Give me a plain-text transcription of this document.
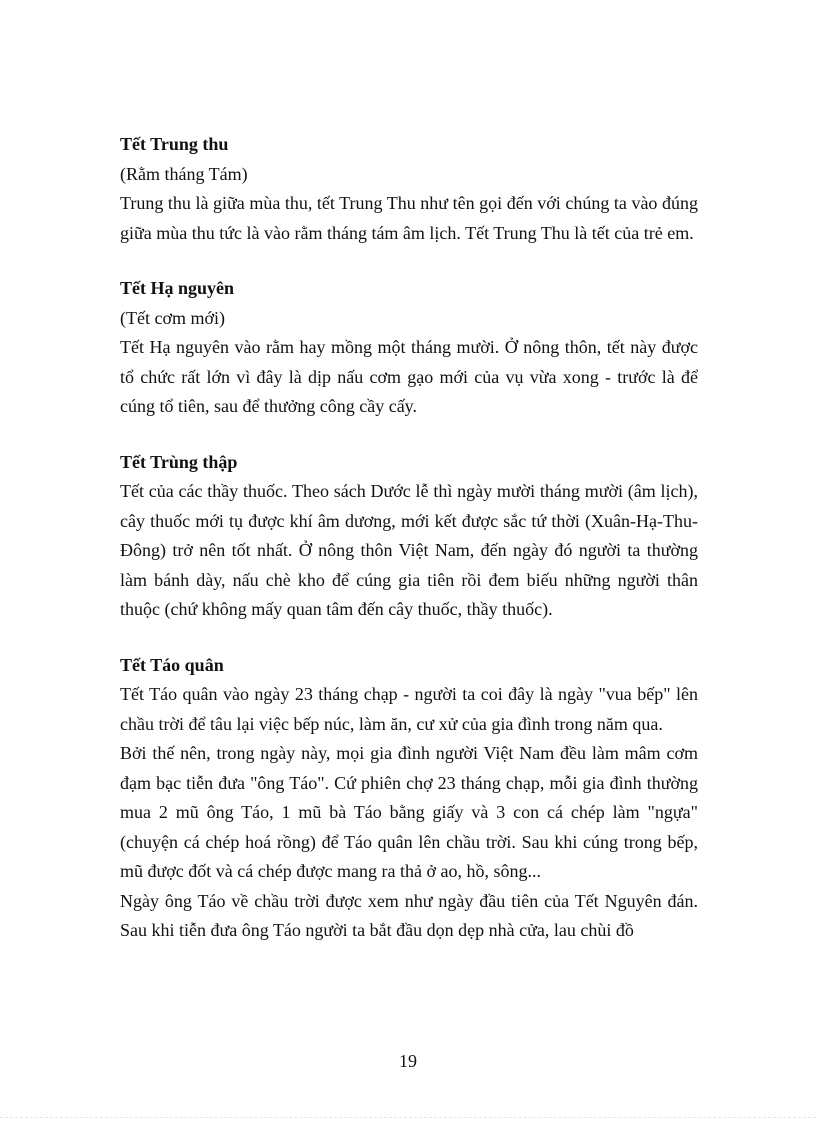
Tết Trung thu

(Rằm tháng Tám)

Trung thu là giữa mùa thu, tết Trung Thu như tên gọi đến với chúng ta vào đúng giữa mùa thu tức là vào rằm tháng tám âm lịch. Tết Trung Thu là tết của trẻ em.

Tết Hạ nguyên

(Tết cơm mới)

Tết Hạ nguyên vào rằm hay mồng một tháng mười. Ở nông thôn, tết này được tổ chức rất lớn vì đây là dịp nấu cơm gạo mới của vụ vừa xong - trước là để cúng tổ tiên, sau để thưởng công cầy cấy.

Tết Trùng thập

Tết của các thầy thuốc. Theo sách Dước lễ thì ngày mười tháng mười (âm lịch), cây thuốc mới tụ được khí âm dương, mới kết được sắc tứ thời (Xuân-Hạ-Thu-Đông) trở nên tốt nhất. Ở nông thôn Việt Nam, đến ngày đó người ta thường làm bánh dày, nấu chè kho để cúng gia tiên rồi đem biếu những người thân thuộc (chứ không mấy quan tâm đến cây thuốc, thầy thuốc).

Tết Táo quân

Tết Táo quân vào ngày 23 tháng chạp - người ta coi đây là ngày "vua bếp" lên chầu trời để tâu lại việc bếp núc, làm ăn, cư xử của gia đình trong năm qua.

Bởi thế nên, trong ngày này, mọi gia đình người Việt Nam đều làm mâm cơm đạm bạc tiễn đưa "ông Táo". Cứ phiên chợ 23 tháng chạp, mỗi gia đình thường mua 2 mũ ông Táo, 1 mũ bà Táo bằng giấy và 3 con cá chép làm "ngựa" (chuyện cá chép hoá rồng) để Táo quân lên chầu trời. Sau khi cúng trong bếp, mũ được đốt và cá chép được mang ra thả ở ao, hồ, sông...

Ngày ông Táo về chầu trời được xem như ngày đầu tiên của Tết Nguyên đán. Sau khi tiễn đưa ông Táo người ta bắt đầu dọn dẹp nhà cửa, lau chùi đồ

19
